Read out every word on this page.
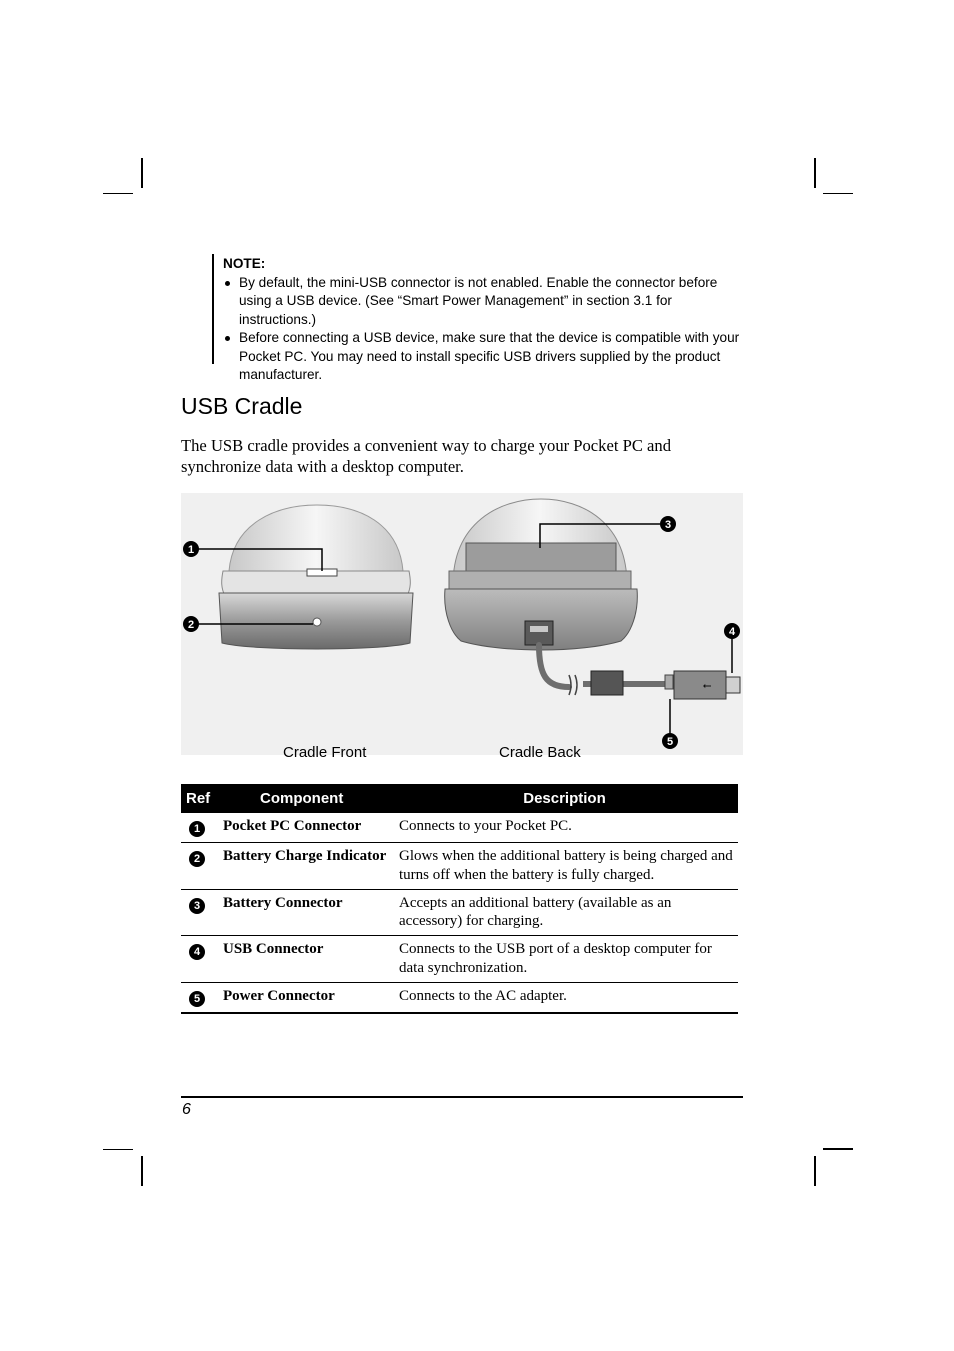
NOTE:
By default, the mini-USB connector is not enabled. Enable the connector before using a USB device. (See “Smart Power Management” in section 3.1 for instructions.)
Before connecting a USB device, make sure that the device is compatible with your Pocket PC. You may need to install specific USB drivers supplied by the product manufacturer.
USB Cradle

The USB cradle provides a convenient way to charge your Pocket PC and synchronize data with a desktop computer.

⭠
1
2
3
4
5
Cradle Front	Cradle Back
Ref	Component	Description
1	Pocket PC Connector	Connects to your Pocket PC.
2	Battery Charge Indicator	Glows when the additional battery is being charged and turns off when the battery is fully charged.
3	Battery Connector	Accepts an additional battery (available as an accessory) for charging.
4	USB Connector	Connects to the USB port of a desktop computer for data synchronization.
5	Power Connector	Connects to the AC adapter.
6
